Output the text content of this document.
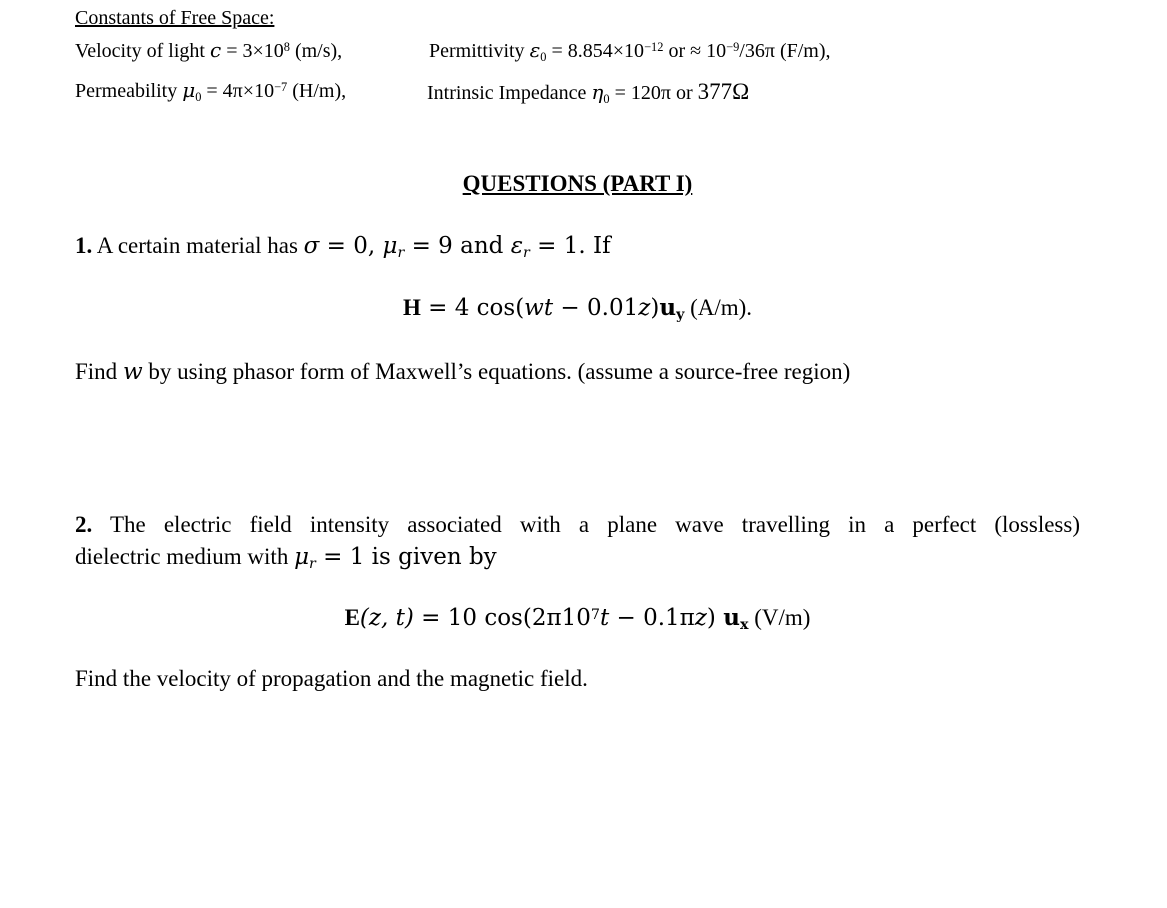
Constants of Free Space:
Velocity of light $c = 3\times 10^8$ (m/s),	Permittivity $\varepsilon_0 = 8.854\times 10^{-12}$ or ≈ $10^{-9}/36\pi$ (F/m),
Permeability $\mu_0 = 4\pi\times 10^{-7}$ (H/m),	Intrinsic Impedance $\eta_0 = 120\pi$ or 377Ω
QUESTIONS (PART I)
1. A certain material has σ = 0, $\mu_r = 9$ and $\varepsilon_r = 1$. If
H = 4 $\cos(wt - 0.01z)u_y$ (A/m).
Find w by using phasor form of Maxwell’s equations. (assume a source-free region)
2. The electric field intensity associated with a plane wave travelling in a perfect (lossless)
dielectric medium with $\mu_r = 1$ is given by
E(z, t) = 10 $\cos(2\pi 10^7t - 0.1\pi z)$ $u_x$ (V/m)
Find the velocity of propagation and the magnetic field.
